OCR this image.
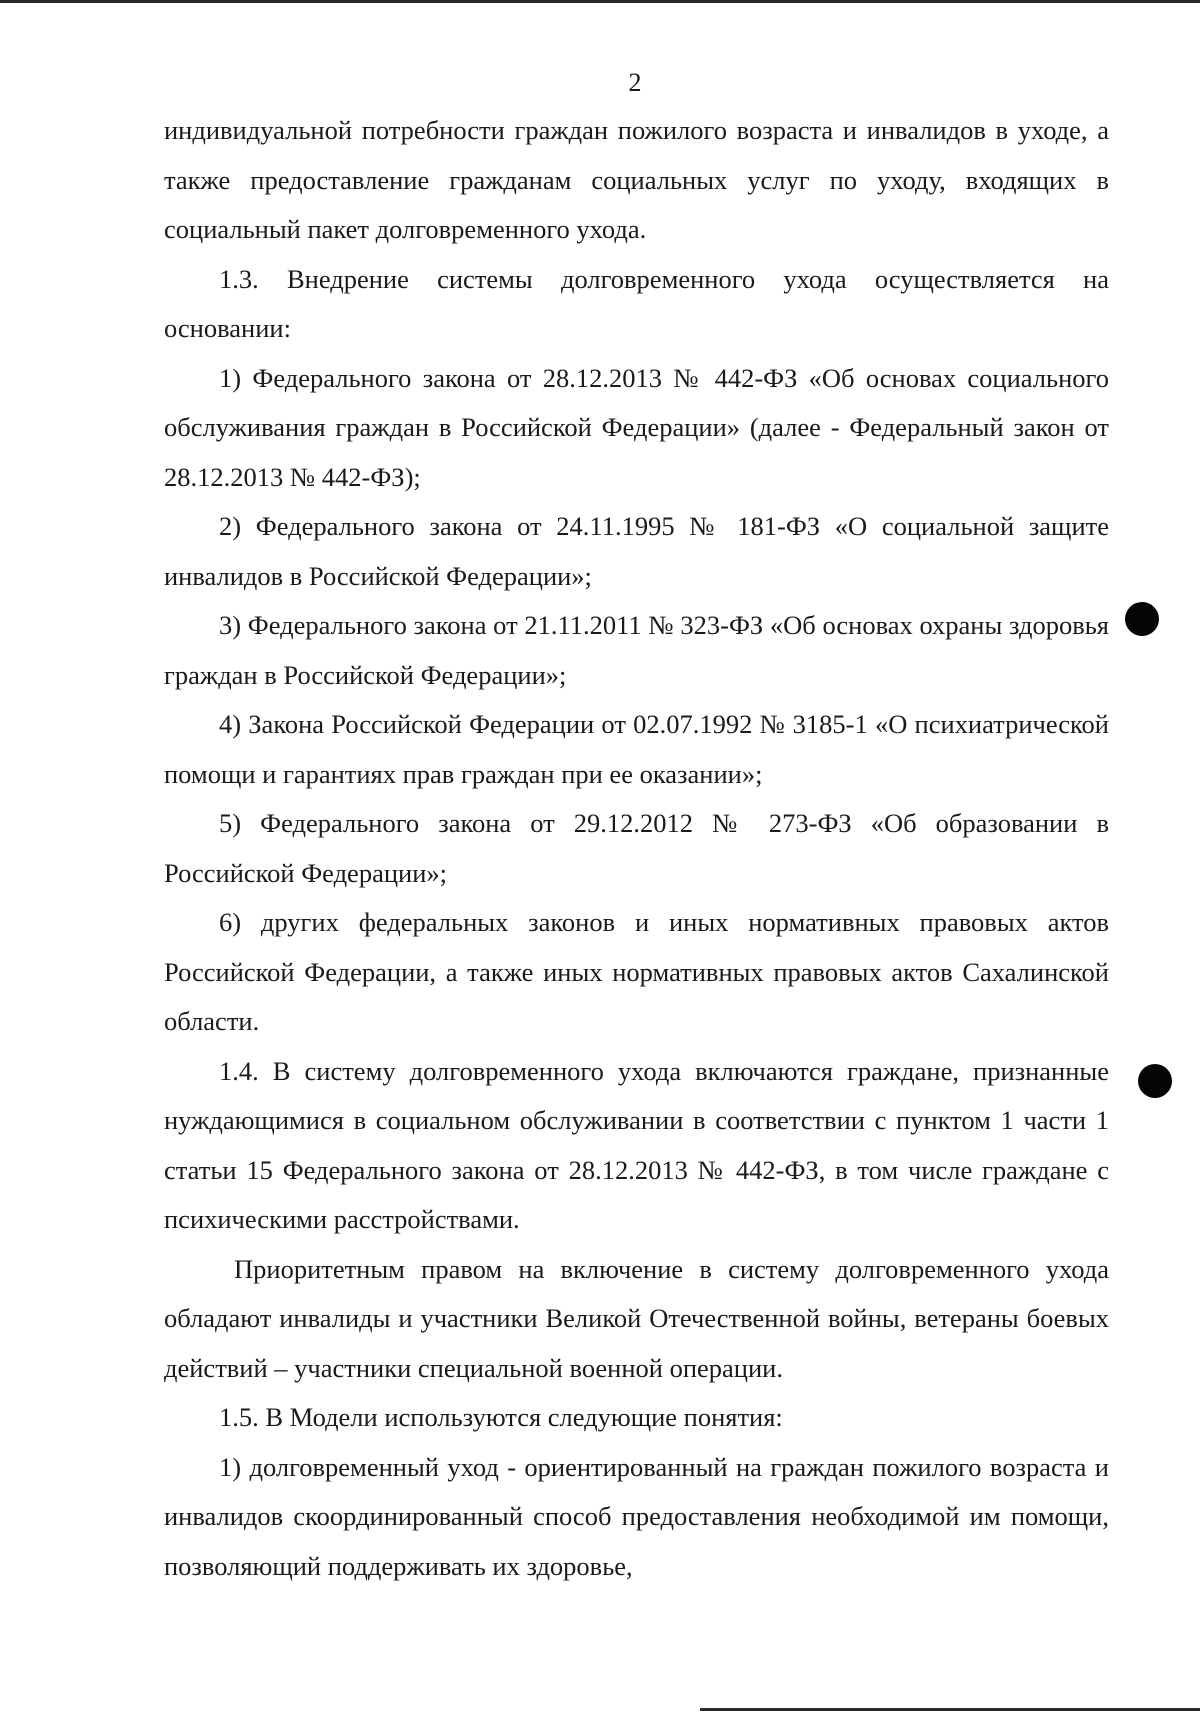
2

индивидуальной потребности граждан пожилого возраста и инвалидов в уходе, а также предоставление гражданам социальных услуг по уходу, входящих в социальный пакет долговременного ухода.

1.3. Внедрение системы долговременного ухода осуществляется на основании:

1) Федерального закона от 28.12.2013 № 442-ФЗ «Об основах социального обслуживания граждан в Российской Федерации» (далее - Федеральный закон от 28.12.2013 № 442-ФЗ);

2) Федерального закона от 24.11.1995 № 181-ФЗ «О социальной защите инвалидов в Российской Федерации»;

3) Федерального закона от 21.11.2011 № 323-ФЗ «Об основах охраны здоровья граждан в Российской Федерации»;

4) Закона Российской Федерации от 02.07.1992 № 3185-1 «О психиатрической помощи и гарантиях прав граждан при ее оказании»;

5) Федерального закона от 29.12.2012 № 273-ФЗ «Об образовании в Российской Федерации»;

6) других федеральных законов и иных нормативных правовых актов Российской Федерации, а также иных нормативных правовых актов Сахалинской области.

1.4. В систему долговременного ухода включаются граждане, признанные нуждающимися в социальном обслуживании в соответствии с пунктом 1 части 1 статьи 15 Федерального закона от 28.12.2013 № 442-ФЗ, в том числе граждане с психическими расстройствами.

Приоритетным правом на включение в систему долговременного ухода обладают инвалиды и участники Великой Отечественной войны, ветераны боевых действий – участники специальной военной операции.

1.5. В Модели используются следующие понятия:

1) долговременный уход - ориентированный на граждан пожилого возраста и инвалидов скоординированный способ предоставления необходимой им помощи, позволяющий поддерживать их здоровье,
